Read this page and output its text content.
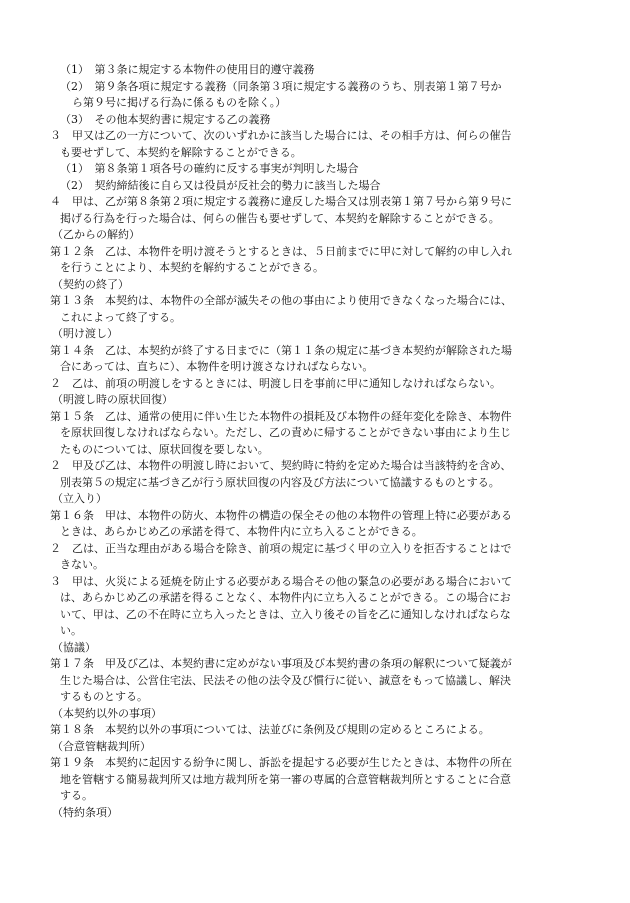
（1）　第３条に規定する本物件の使用目的遵守義務
（2）　第９条各項に規定する義務（同条第３項に規定する義務のうち、別表第１第７号か
ら第９号に掲げる行為に係るものを除く。）
（3）　その他本契約書に規定する乙の義務
３　甲又は乙の一方について、次のいずれかに該当した場合には、その相手方は、何らの催告
も要せずして、本契約を解除することができる。
（1）　第８条第１項各号の確約に反する事実が判明した場合
（2）　契約締結後に自ら又は役員が反社会的勢力に該当した場合
４　甲は、乙が第８条第２項に規定する義務に違反した場合又は別表第１第７号から第９号に
掲げる行為を行った場合は、何らの催告も要せずして、本契約を解除することができる。
（乙からの解約）
第１２条　乙は、本物件を明け渡そうとするときは、５日前までに甲に対して解約の申し入れ
を行うことにより、本契約を解約することができる。
（契約の終了）
第１３条　本契約は、本物件の全部が滅失その他の事由により使用できなくなった場合には、
これによって終了する。
（明け渡し）
第１４条　乙は、本契約が終了する日までに（第１１条の規定に基づき本契約が解除された場
合にあっては、直ちに）、本物件を明け渡さなければならない。
２　乙は、前項の明渡しをするときには、明渡し日を事前に甲に通知しなければならない。
（明渡し時の原状回復）
第１５条　乙は、通常の使用に伴い生じた本物件の損耗及び本物件の経年変化を除き、本物件
を原状回復しなければならない。ただし、乙の責めに帰することができない事由により生じ
たものについては、原状回復を要しない。
２　甲及び乙は、本物件の明渡し時において、契約時に特約を定めた場合は当該特約を含め、
別表第５の規定に基づき乙が行う原状回復の内容及び方法について協議するものとする。
（立入り）
第１６条　甲は、本物件の防火、本物件の構造の保全その他の本物件の管理上特に必要がある
ときは、あらかじめ乙の承諾を得て、本物件内に立ち入ることができる。
２　乙は、正当な理由がある場合を除き、前項の規定に基づく甲の立入りを拒否することはで
きない。
３　甲は、火災による延焼を防止する必要がある場合その他の緊急の必要がある場合において
は、あらかじめ乙の承諾を得ることなく、本物件内に立ち入ることができる。この場合にお
いて、甲は、乙の不在時に立ち入ったときは、立入り後その旨を乙に通知しなければならな
い。
（協議）
第１７条　甲及び乙は、本契約書に定めがない事項及び本契約書の条項の解釈について疑義が
生じた場合は、公営住宅法、民法その他の法令及び慣行に従い、誠意をもって協議し、解決
するものとする。
（本契約以外の事項）
第１８条　本契約以外の事項については、法並びに条例及び規則の定めるところによる。
（合意管轄裁判所）
第１９条　本契約に起因する紛争に関し、訴訟を提起する必要が生じたときは、本物件の所在
地を管轄する簡易裁判所又は地方裁判所を第一審の専属的合意管轄裁判所とすることに合意
する。
（特約条項）
